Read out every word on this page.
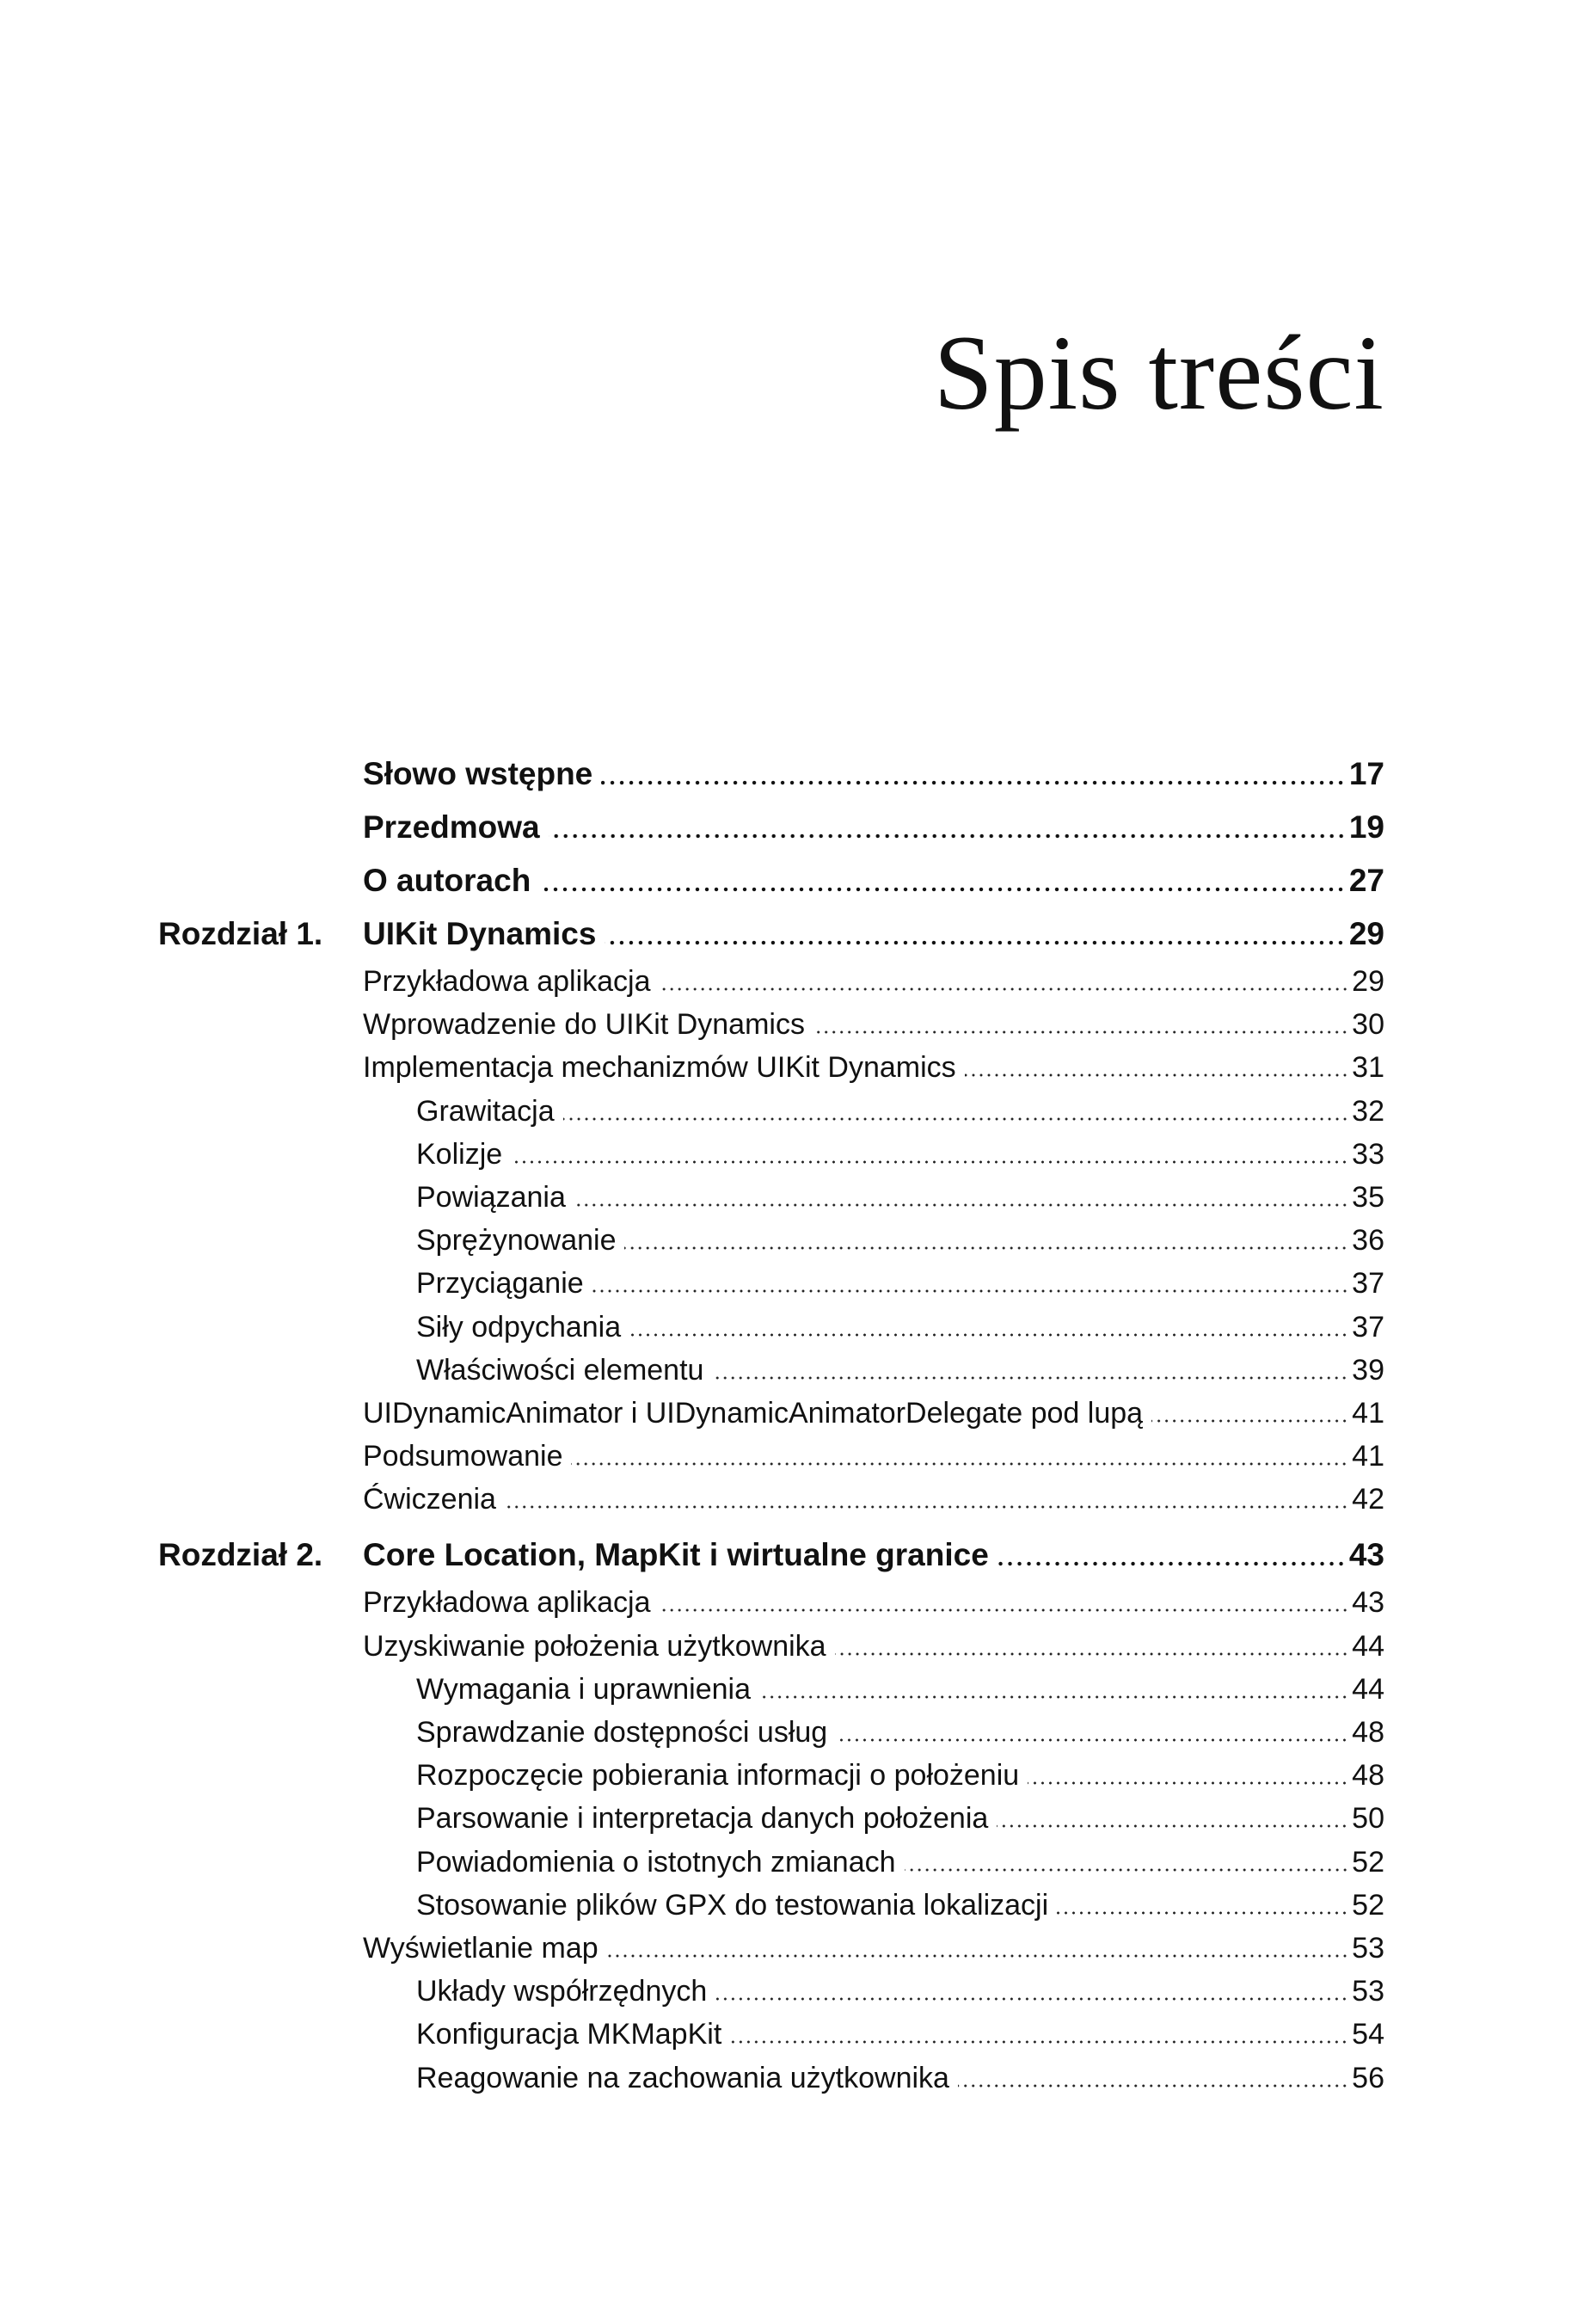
Spis treści
Słowo wstępne	17
Przedmowa	19
O autorach	27
Rozdział 1. UIKit Dynamics	29
Przykładowa aplikacja	29
Wprowadzenie do UIKit Dynamics	30
Implementacja mechanizmów UIKit Dynamics	31
Grawitacja	32
Kolizje	33
Powiązania	35
Sprężynowanie	36
Przyciąganie	37
Siły odpychania	37
Właściwości elementu	39
UIDynamicAnimator i UIDynamicAnimatorDelegate pod lupą	41
Podsumowanie	41
Ćwiczenia	42
Rozdział 2. Core Location, MapKit i wirtualne granice	43
Przykładowa aplikacja	43
Uzyskiwanie położenia użytkownika	44
Wymagania i uprawnienia	44
Sprawdzanie dostępności usług	48
Rozpoczęcie pobierania informacji o położeniu	48
Parsowanie i interpretacja danych położenia	50
Powiadomienia o istotnych zmianach	52
Stosowanie plików GPX do testowania lokalizacji	52
Wyświetlanie map	53
Układy współrzędnych	53
Konfiguracja MKMapKit	54
Reagowanie na zachowania użytkownika	56
